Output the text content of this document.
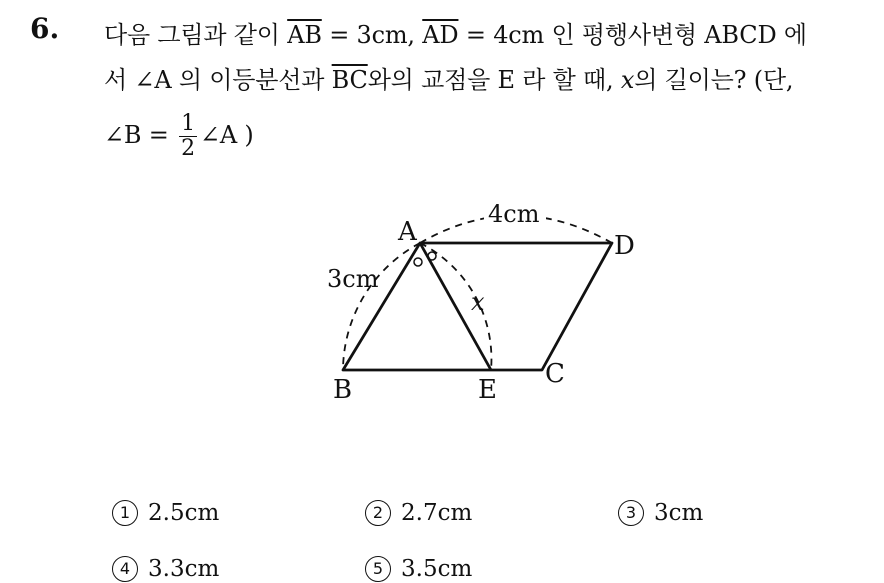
6. 다음 그림과 같이 $\overline{AB} = 3cm$, $\overline{AD} = 4cm$ 인 평행사변형 ABCD 에
서 ∠A 의 이등분선과 $\overline{BC}$와의 교점을 E 라 할 때, x의 길이는? (단,
∠B = $\frac{1}{2}$ ∠A )
A	D
B	E
C
3cm
4cm
x
1 2.5cm	2 2.7cm	3 3cm
4 3.3cm	5 3.5cm
